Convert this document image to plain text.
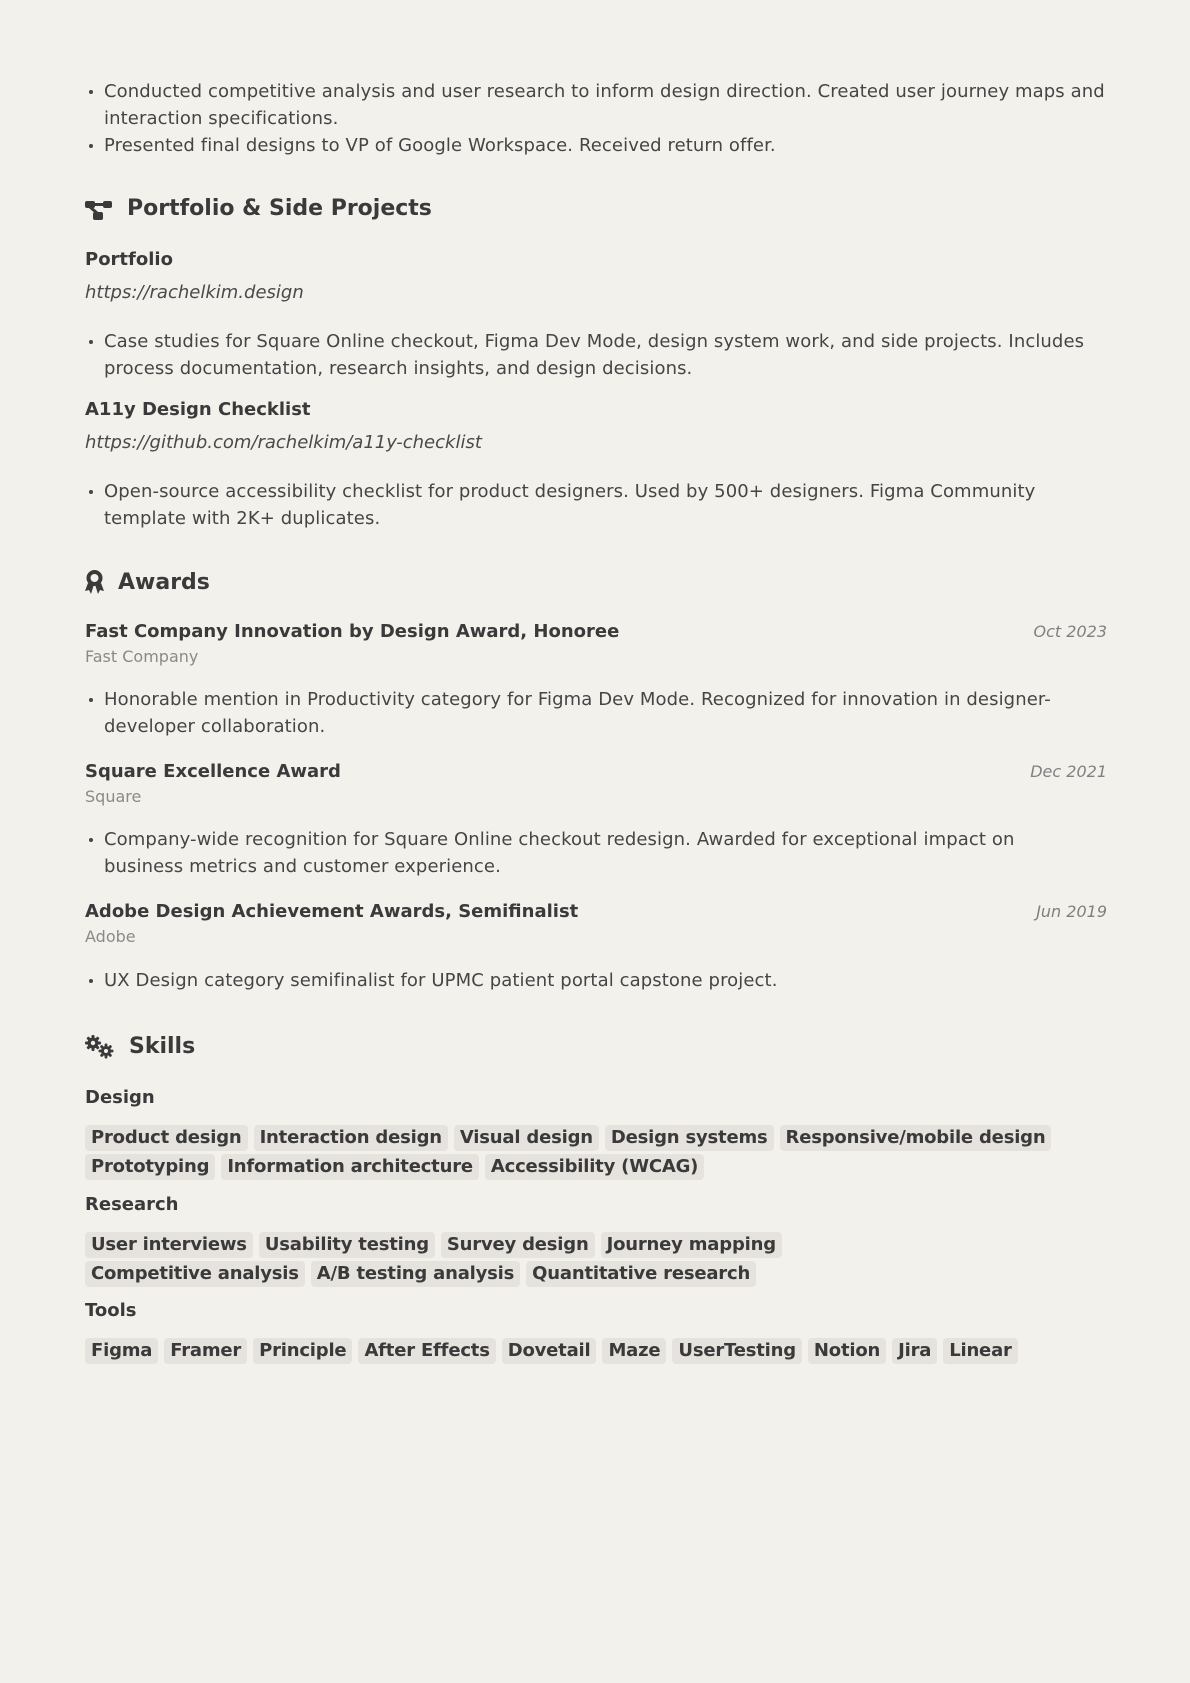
Conducted competitive analysis and user research to inform design direction. Created user journey maps and interaction specifications.
Presented final designs to VP of Google Workspace. Received return offer.
Portfolio & Side Projects
Portfolio
https://rachelkim.design
Case studies for Square Online checkout, Figma Dev Mode, design system work, and side projects. Includes process documentation, research insights, and design decisions.
A11y Design Checklist
https://github.com/rachelkim/a11y-checklist
Open-source accessibility checklist for product designers. Used by 500+ designers. Figma Community template with 2K+ duplicates.
Awards
Fast Company Innovation by Design Award, Honoree	Oct 2023
Fast Company
Honorable mention in Productivity category for Figma Dev Mode. Recognized for innovation in designer-developer collaboration.
Square Excellence Award	Dec 2021
Square
Company-wide recognition for Square Online checkout redesign. Awarded for exceptional impact on business metrics and customer experience.
Adobe Design Achievement Awards, Semifinalist	Jun 2019
Adobe
UX Design category semifinalist for UPMC patient portal capstone project.
Skills
Design
Product design	Interaction design	Visual design	Design systems	Responsive/mobile design
Prototyping	Information architecture	Accessibility (WCAG)
Research
User interviews	Usability testing	Survey design	Journey mapping
Competitive analysis	A/B testing analysis	Quantitative research
Tools
Figma	Framer	Principle	After Effects	Dovetail	Maze	UserTesting	Notion	Jira	Linear
